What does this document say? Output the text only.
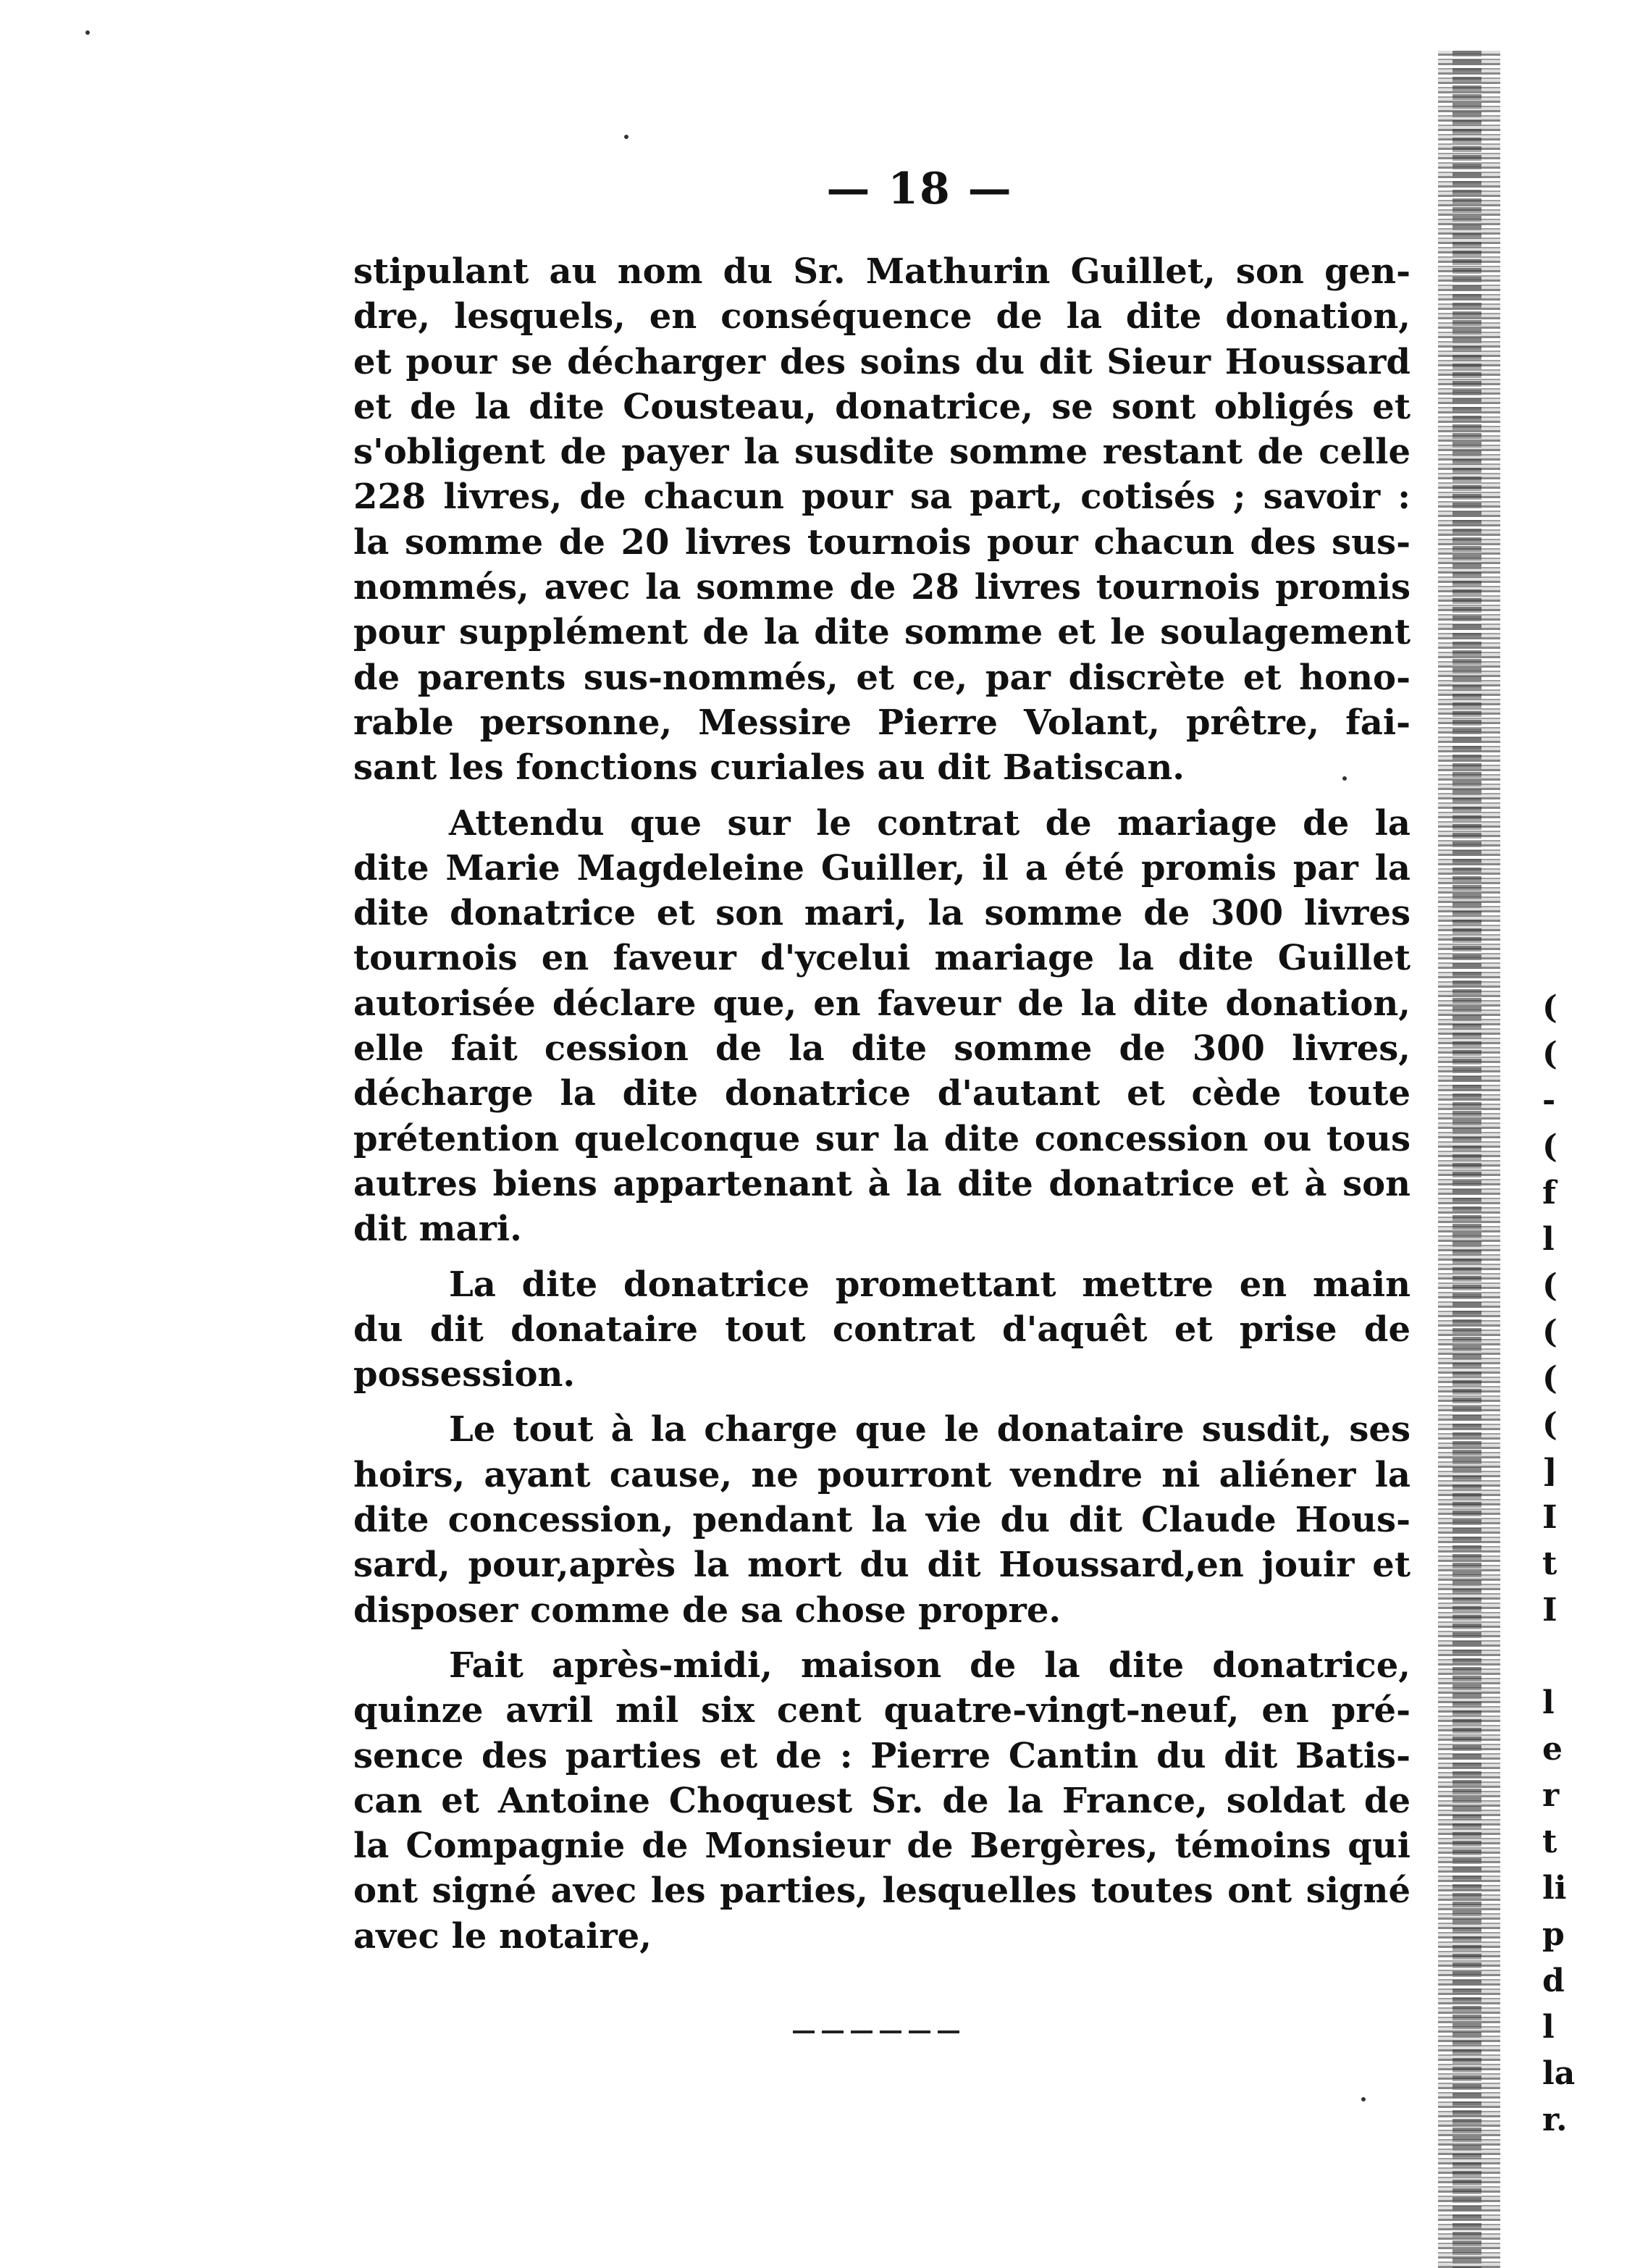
— 18 —
stipulant au nom du Sr. Mathurin Guillet, son gen-
dre, lesquels, en conséquence de la dite donation,
et pour se décharger des soins du dit Sieur Houssard
et de la dite Cousteau, donatrice, se sont obligés et
s'obligent de payer la susdite somme restant de celle
228 livres, de chacun pour sa part, cotisés ; savoir :
la somme de 20 livres tournois pour chacun des sus-
nommés, avec la somme de 28 livres tournois promis
pour supplément de la dite somme et le soulagement
de parents sus-nommés, et ce, par discrète et hono-
rable personne, Messire Pierre Volant, prêtre, fai-
sant les fonctions curiales au dit Batiscan.
Attendu que sur le contrat de mariage de la
dite Marie Magdeleine Guiller, il a été promis par la
dite donatrice et son mari, la somme de 300 livres
tournois en faveur d'ycelui mariage la dite Guillet
autorisée déclare que, en faveur de la dite donation,
elle fait cession de la dite somme de 300 livres,
décharge la dite donatrice d'autant et cède toute
prétention quelconque sur la dite concession ou tous
autres biens appartenant à la dite donatrice et à son
dit mari.
La dite donatrice promettant mettre en main
du dit donataire tout contrat d'aquêt et prise de
possession.
Le tout à la charge que le donataire susdit, ses
hoirs, ayant cause, ne pourront vendre ni aliéner la
dite concession, pendant la vie du dit Claude Hous-
sard, pour,après la mort du dit Houssard,en jouir et
disposer comme de sa chose propre.
Fait après-midi, maison de la dite donatrice,
quinze avril mil six cent quatre-vingt-neuf, en pré-
sence des parties et de : Pierre Cantin du dit Batis-
can et Antoine Choquest Sr. de la France, soldat de
la Compagnie de Monsieur de Bergères, témoins qui
ont signé avec les parties, lesquelles toutes ont signé
avec le notaire,
(
(
-
(
f
l
(
(
(
(
]
I
t
I

l
e
r
t
li
p
d
l
la
r.
